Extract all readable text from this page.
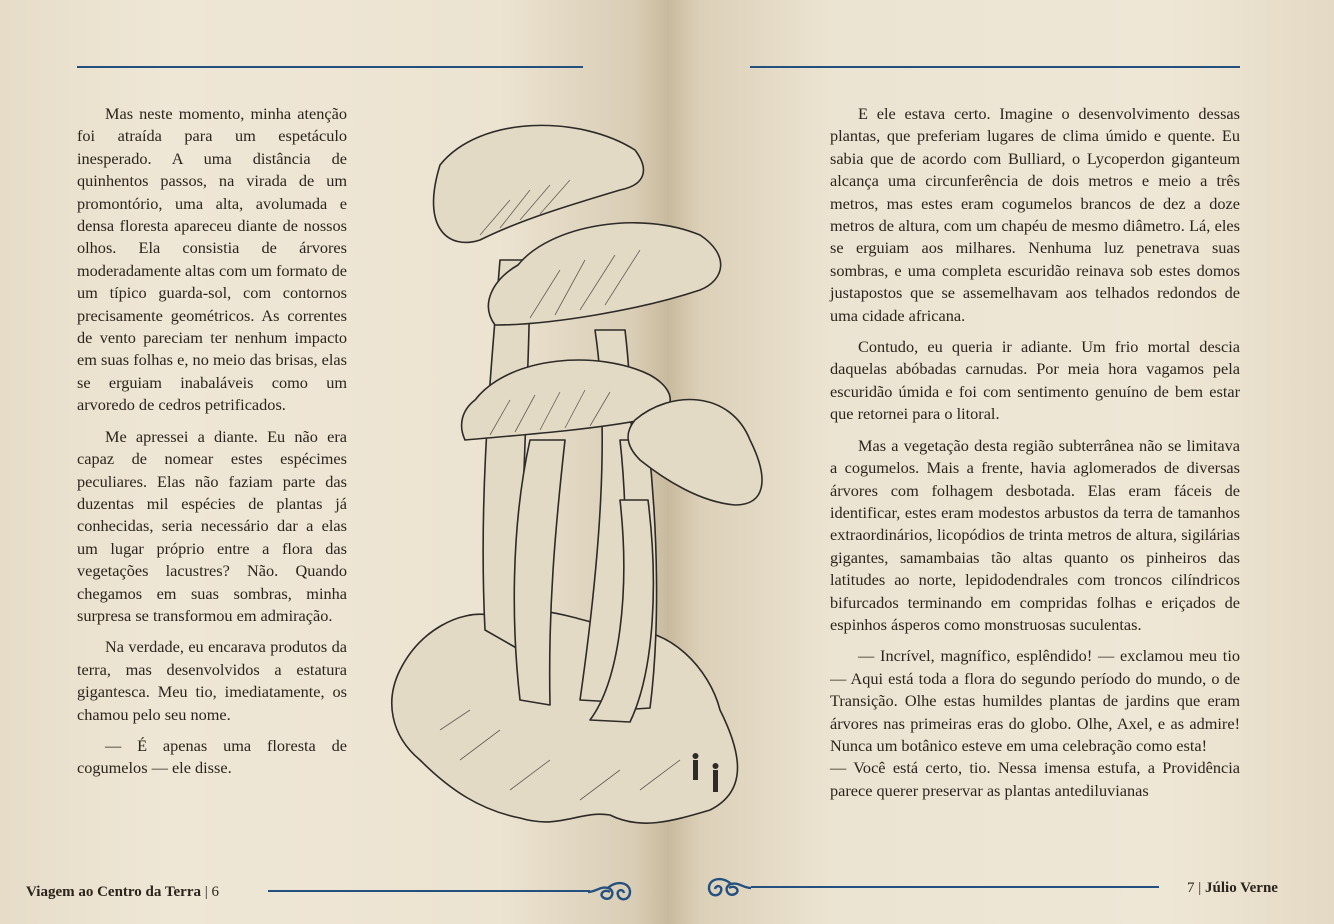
Mas neste momento, minha atenção foi atraída para um espetáculo inesperado. A uma distância de quinhentos passos, na virada de um promontório, uma alta, avolumada e densa floresta apareceu diante de nossos olhos. Ela consistia de árvores moderadamente altas com um formato de um típico guarda-sol, com contornos precisamente geométricos. As correntes de vento pareciam ter nenhum impacto em suas folhas e, no meio das brisas, elas se erguiam inabaláveis como um arvoredo de cedros petrificados.

Me apressei a diante. Eu não era capaz de nomear estes espécimes peculiares. Elas não faziam parte das duzentas mil espécies de plantas já conhecidas, seria necessário dar a elas um lugar próprio entre a flora das vegetações lacustres? Não. Quando chegamos em suas sombras, minha surpresa se transformou em admiração.

Na verdade, eu encarava produtos da terra, mas desenvolvidos a estatura gigantesca. Meu tio, imediatamente, os chamou pelo seu nome.

— É apenas uma floresta de cogumelos — ele disse.

Viagem ao Centro da Terra | 6

E ele estava certo. Imagine o desenvolvimento dessas plantas, que preferiam lugares de clima úmido e quente. Eu sabia que de acordo com Bulliard, o Lycoperdon giganteum alcança uma circunferência de dois metros e meio a três metros, mas estes eram cogumelos brancos de dez a doze metros de altura, com um chapéu de mesmo diâmetro. Lá, eles se erguiam aos milhares. Nenhuma luz penetrava suas sombras, e uma completa escuridão reinava sob estes domos justapostos que se assemelhavam aos telhados redondos de uma cidade africana.

Contudo, eu queria ir adiante. Um frio mortal descia daquelas abóbadas carnudas. Por meia hora vagamos pela escuridão úmida e foi com sentimento genuíno de bem estar que retornei para o litoral.

Mas a vegetação desta região subterrânea não se limitava a cogumelos. Mais a frente, havia aglomerados de diversas árvores com folhagem desbotada. Elas eram fáceis de identificar, estes eram modestos arbustos da terra de tamanhos extraordinários, licopódios de trinta metros de altura, sigilárias gigantes, samambaias tão altas quanto os pinheiros das latitudes ao norte, lepidodendrales com troncos cilíndricos bifurcados terminando em compridas folhas e eriçados de espinhos ásperos como monstruosas suculentas.

— Incrível, magnífico, esplêndido! — exclamou meu tio — Aqui está toda a flora do segundo período do mundo, o de Transição. Olhe estas humildes plantas de jardins que eram árvores nas primeiras eras do globo. Olhe, Axel, e as admire! Nunca um botânico esteve em uma celebração como esta!

— Você está certo, tio. Nessa imensa estufa, a Providência parece querer preservar as plantas antediluvianas

7 | Júlio Verne
